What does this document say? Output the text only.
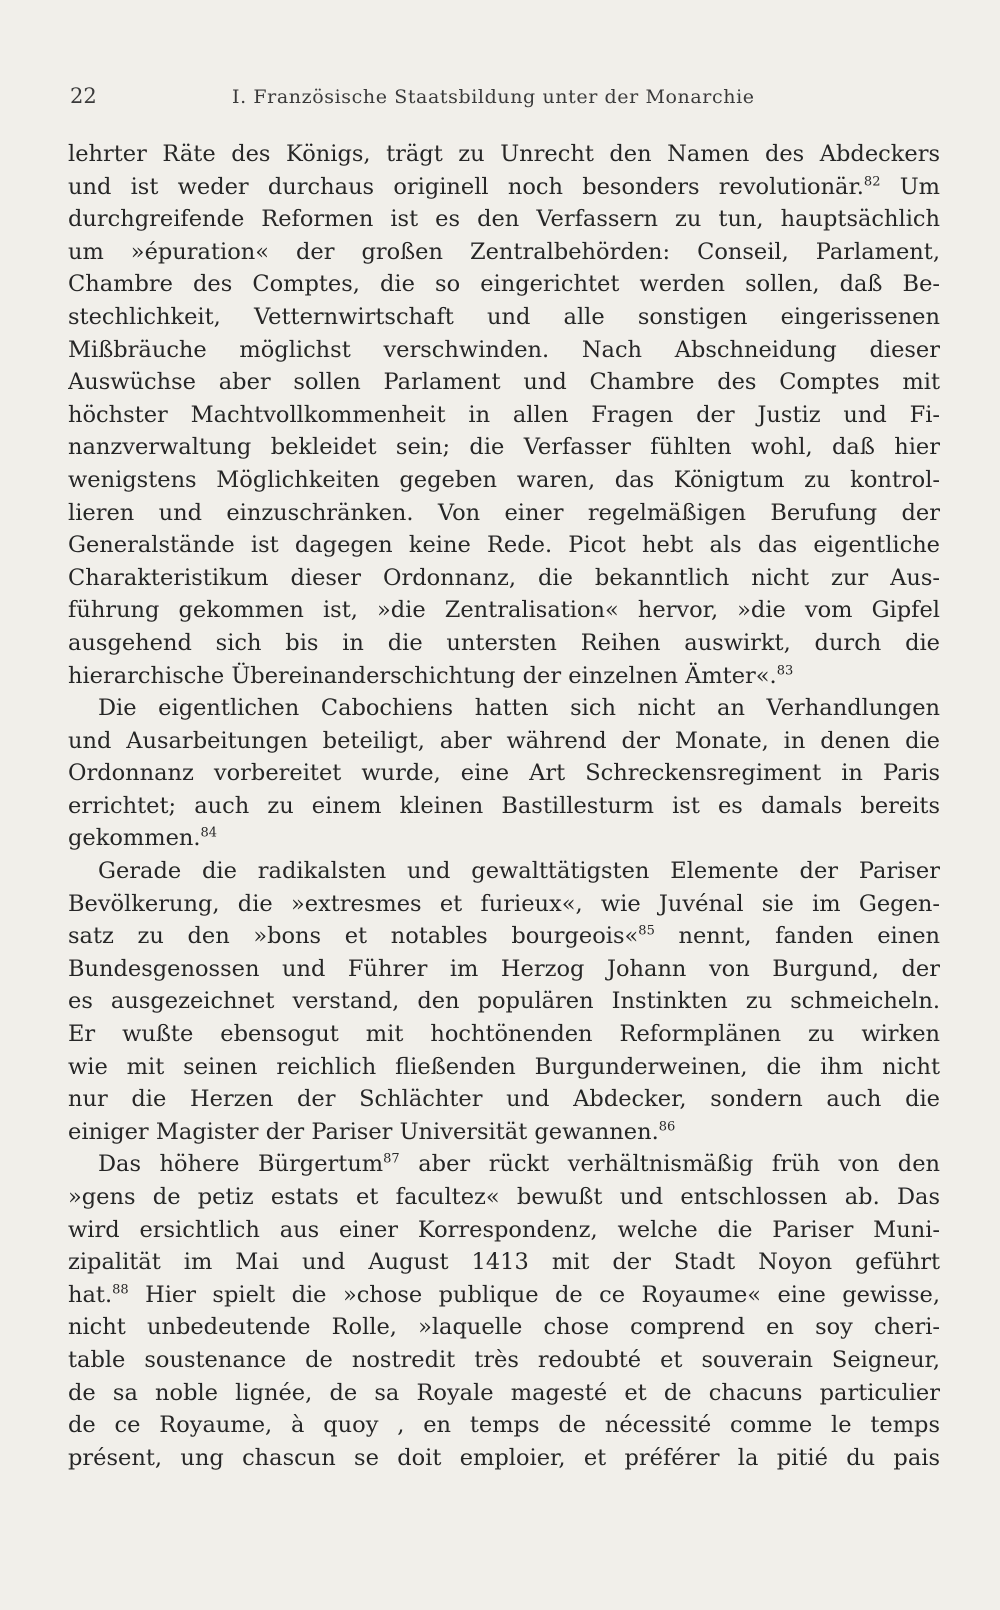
22	I. Französische Staatsbildung unter der Monarchie
lehrter Räte des Königs, trägt zu Unrecht den Namen des Abdeckers
und ist weder durchaus originell noch besonders revolutionär.$^{82}$ Um
durchgreifende Reformen ist es den Verfassern zu tun, hauptsächlich
um »épuration« der großen Zentralbehörden: Conseil, Parlament,
Chambre des Comptes, die so eingerichtet werden sollen, daß Be-
stechlichkeit, Vetternwirtschaft und alle sonstigen eingerissenen
Mißbräuche möglichst verschwinden. Nach Abschneidung dieser
Auswüchse aber sollen Parlament und Chambre des Comptes mit
höchster Machtvollkommenheit in allen Fragen der Justiz und Fi-
nanzverwaltung bekleidet sein; die Verfasser fühlten wohl, daß hier
wenigstens Möglichkeiten gegeben waren, das Königtum zu kontrol-
lieren und einzuschränken. Von einer regelmäßigen Berufung der
Generalstände ist dagegen keine Rede. Picot hebt als das eigentliche
Charakteristikum dieser Ordonnanz, die bekanntlich nicht zur Aus-
führung gekommen ist, »die Zentralisation« hervor, »die vom Gipfel
ausgehend sich bis in die untersten Reihen auswirkt, durch die
hierarchische Übereinanderschichtung der einzelnen Ämter«.$^{83}$
Die eigentlichen Cabochiens hatten sich nicht an Verhandlungen
und Ausarbeitungen beteiligt, aber während der Monate, in denen die
Ordonnanz vorbereitet wurde, eine Art Schreckensregiment in Paris
errichtet; auch zu einem kleinen Bastillesturm ist es damals bereits
gekommen.$^{84}$
Gerade die radikalsten und gewalttätigsten Elemente der Pariser
Bevölkerung, die »extresmes et furieux«, wie Juvénal sie im Gegen-
satz zu den »bons et notables bourgeois«$^{85}$ nennt, fanden einen
Bundesgenossen und Führer im Herzog Johann von Burgund, der
es ausgezeichnet verstand, den populären Instinkten zu schmeicheln.
Er wußte ebensogut mit hochtönenden Reformplänen zu wirken
wie mit seinen reichlich fließenden Burgunderweinen, die ihm nicht
nur die Herzen der Schlächter und Abdecker, sondern auch die
einiger Magister der Pariser Universität gewannen.$^{86}$
Das höhere Bürgertum$^{87}$ aber rückt verhältnismäßig früh von den
»gens de petiz estats et facultez« bewußt und entschlossen ab. Das
wird ersichtlich aus einer Korrespondenz, welche die Pariser Muni-
zipalität im Mai und August 1413 mit der Stadt Noyon geführt
hat.$^{88}$ Hier spielt die »chose publique de ce Royaume« eine gewisse,
nicht unbedeutende Rolle, »laquelle chose comprend en soy cheri-
table soustenance de nostredit très redoubté et souverain Seigneur,
de sa noble lignée, de sa Royale magesté et de chacuns particulier
de ce Royaume, à quoy , en temps de nécessité comme le temps
présent, ung chascun se doit emploier, et préférer la pitié du pais
